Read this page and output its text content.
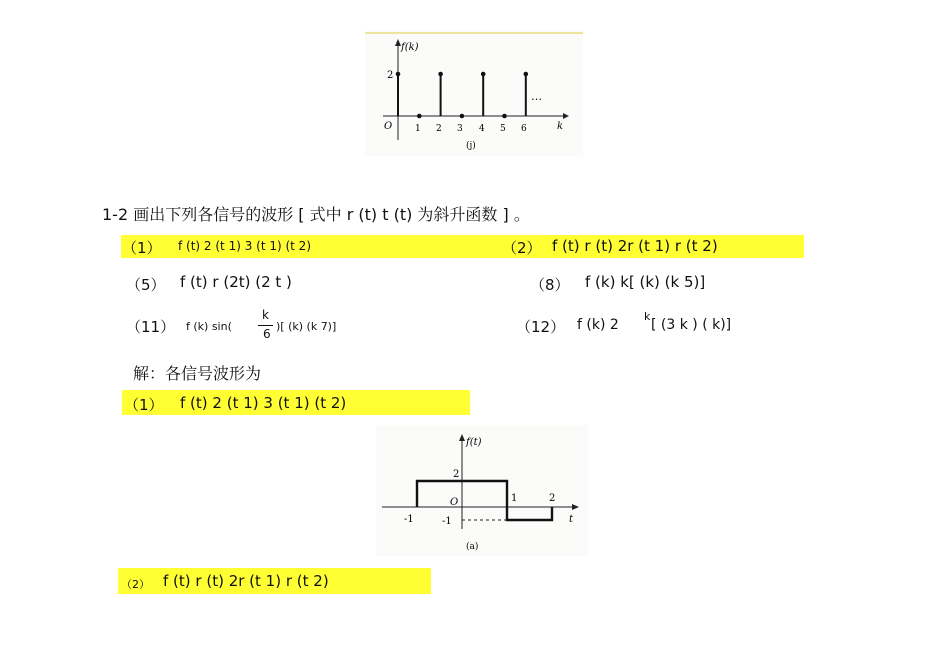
f(k)
2
O	k
1 2 3 4 5 6
…
(j)
1-2 画出下列各信号的波形 [ 式中 r (t) t (t) 为斜升函数 ] 。
（1） f (t) 2 (t 1) 3 (t 1) (t 2)	（2） f (t) r (t) 2r (t 1) r (t 2)
（5） f (t) r (2t) (2 t )	（8） f (k) k[ (k) (k 5)]
（11） f (k) sin(
k
6
)[ (k) (k 7)]	（12） f (k) 2
k
[ (3 k ) ( k)]
解：各信号波形为
（1） f (t) 2 (t 1) 3 (t 1) (t 2)
f(t)
2
O
-1
-1
1	2
t
(a)
（2） f (t) r (t) 2r (t 1) r (t 2)
